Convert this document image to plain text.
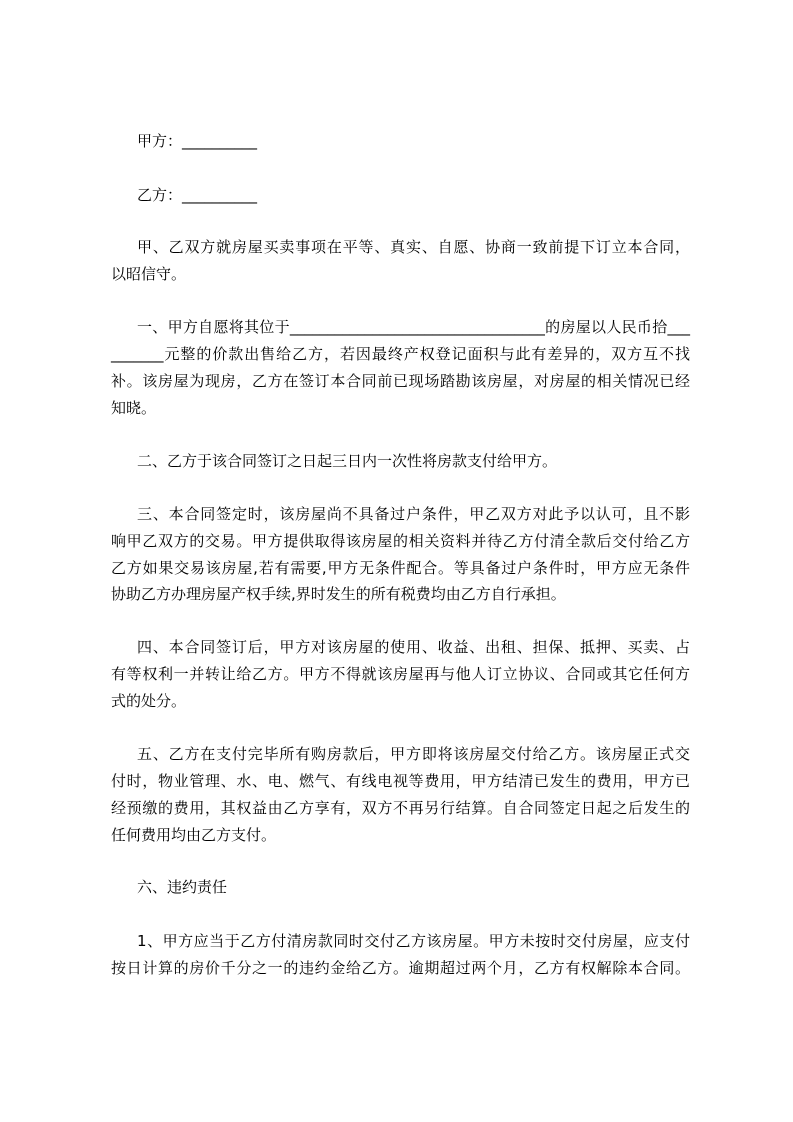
甲方：__________
乙方：__________
甲、乙双方就房屋买卖事项在平等、真实、自愿、协商一致前提下订立本合同，
以昭信守。
一、甲方自愿将其位于__________________________________的房屋以人民币拾___
_______元整的价款出售给乙方，若因最终产权登记面积与此有差异的，双方互不找
补。该房屋为现房，乙方在签订本合同前已现场踏勘该房屋，对房屋的相关情况已经
知晓。
二、乙方于该合同签订之日起三日内一次性将房款支付给甲方。
三、本合同签定时，该房屋尚不具备过户条件，甲乙双方对此予以认可，且不影
响甲乙双方的交易。甲方提供取得该房屋的相关资料并待乙方付清全款后交付给乙方
乙方如果交易该房屋,若有需要,甲方无条件配合。等具备过户条件时，甲方应无条件
协助乙方办理房屋产权手续,界时发生的所有税费均由乙方自行承担。
四、本合同签订后，甲方对该房屋的使用、收益、出租、担保、抵押、买卖、占
有等权利一并转让给乙方。甲方不得就该房屋再与他人订立协议、合同或其它任何方
式的处分。
五、乙方在支付完毕所有购房款后，甲方即将该房屋交付给乙方。该房屋正式交
付时，物业管理、水、电、燃气、有线电视等费用，甲方结清已发生的费用，甲方已
经预缴的费用，其权益由乙方享有，双方不再另行结算。自合同签定日起之后发生的
任何费用均由乙方支付。
六、违约责任
1、甲方应当于乙方付清房款同时交付乙方该房屋。甲方未按时交付房屋，应支付
按日计算的房价千分之一的违约金给乙方。逾期超过两个月，乙方有权解除本合同。
